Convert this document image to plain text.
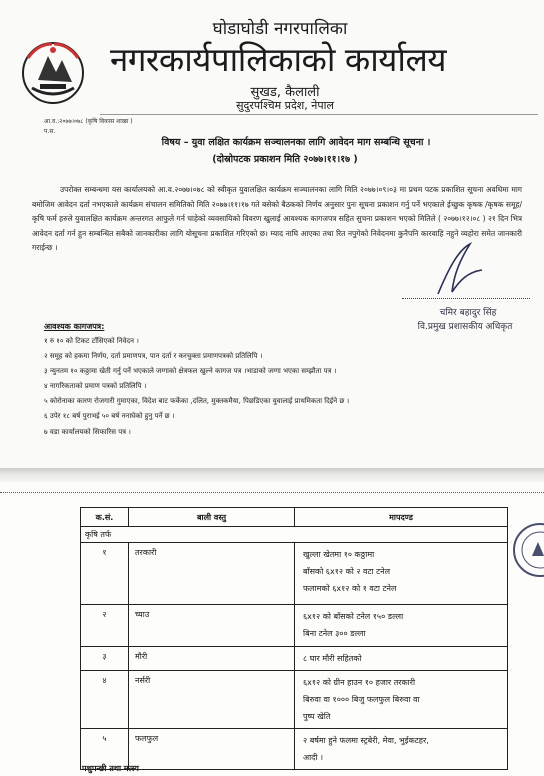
घोडाघोडी नगरपालिका
नगरकार्यपालिकाको कार्यालय
सुखड, कैलाली
सुदुरपश्चिम प्रदेश, नेपाल
आ.व.:२०७७।०७८ (कृषि विकास शाखा )
प.स.
विषय – युवा लक्षित कार्यक्रम सञ्चालनका लागि आवेदन माग सम्बन्धि सूचना ।
(दोस्रोपटक प्रकाशन मिति २०७७।११।१७ )

उपरोक्त सम्बन्धमा यस कार्यालयको आ.व.२०७७।०७८ को स्वीकृत युवालक्षित कार्यक्रम सञ्चालनका लागि मिति २०७७।०९।०३ मा प्रथम पटक प्रकाशित सूचना अवधिमा माग बमोजिम आवेदन दर्ता नभएकाले कार्यक्रम संचालन समितिको मिति २०७७।११।१७ गते बसेको बैठकको निर्णय अनुसार पुनः सूचना प्रकाशन गर्नु पर्ने भएकाले ईच्छुक कृषक /कृषक समूह/कृषि फर्म हरुले युवालक्षित कार्यक्रम अन्तरगत आफुले गर्न चाहेको व्यवसायिको विवरण खुलाई आवश्यक कागजपत्र सहित सुचना प्रकाशन भएको मितिले ( २०७७।१२।०८ ) २१ दिन भित्र आवेदन दर्ता गर्न हुन सम्बन्धित सबैको जानकारीका लागि योसूचना प्रकाशित गरिएको छ। म्याद नाघि आएका तथा रित नपुगेको निवेदनमा कुनैपनि कारवाहि नहुने व्यहोरा समेत जानकारी गराईन्छ ।

चमिर बहादुर सिंह
वि.प्रमुख प्रशासकीय अधिकृत
आवश्यक कागजपत्र:
१ रु १० को टिकट टाँसिएको निवेदन ।
२ समूह को हकमा निर्णय, दर्ता प्रमाणपत्र, पान दर्ता र करचुक्ता प्रमाणपत्रको प्रतिलिपि ।
३ न्युनतम १० कठ्ठामा खेती गर्नु पर्ने भएकाले जग्गाको क्षेत्रफल खुल्ने कागज पत्र ।भाडाको जग्गा भएका सम्झौता पत्र ।
४ नागरिकताको प्रमाण पत्रको प्रतिलिपि ।
५ कोरोनाका कारण रोजगारी गुमाएका, विदेश बाट फर्केका ,दलित, मुक्तकमैया, पिछडिएका युवालाई प्राथमिकता दिईने छ ।
६ उपेर १८ बर्ष पुराभई ५० बर्ष ननाघेको हुनु पर्ने छ ।
७ वडा कार्यालयको सिफारिस पत्र ।
क.सं.	बाली वस्तु	मापदण्ड
कृषि तर्फ		
१	तरकारी	खुल्ला खेतमा १० कठ्ठामा
बाँसको ६x१२ को २ वटा टनेल
फलामको ६x१२ को १ वटा टनेल

२	च्याउ	६x१२ को बाँसको टनेल १५० डल्ला
बिना टनेल ३०० डल्ला

३	मौरी	८ घार मौरी सहितको

४	नर्सरी	६x१२ को ग्रीन हाउन १० हजार तरकारी
बिरुवा वा १००० बिजु फलफुल बिरुवा वा
पुष्प खेति

५	फलफुल	२ बर्षमा हुने फलमा स्ट्रबेरी, मेवा, भुईकटहर,
आदी ।
पशुपन्छी तथा मत्स्य
